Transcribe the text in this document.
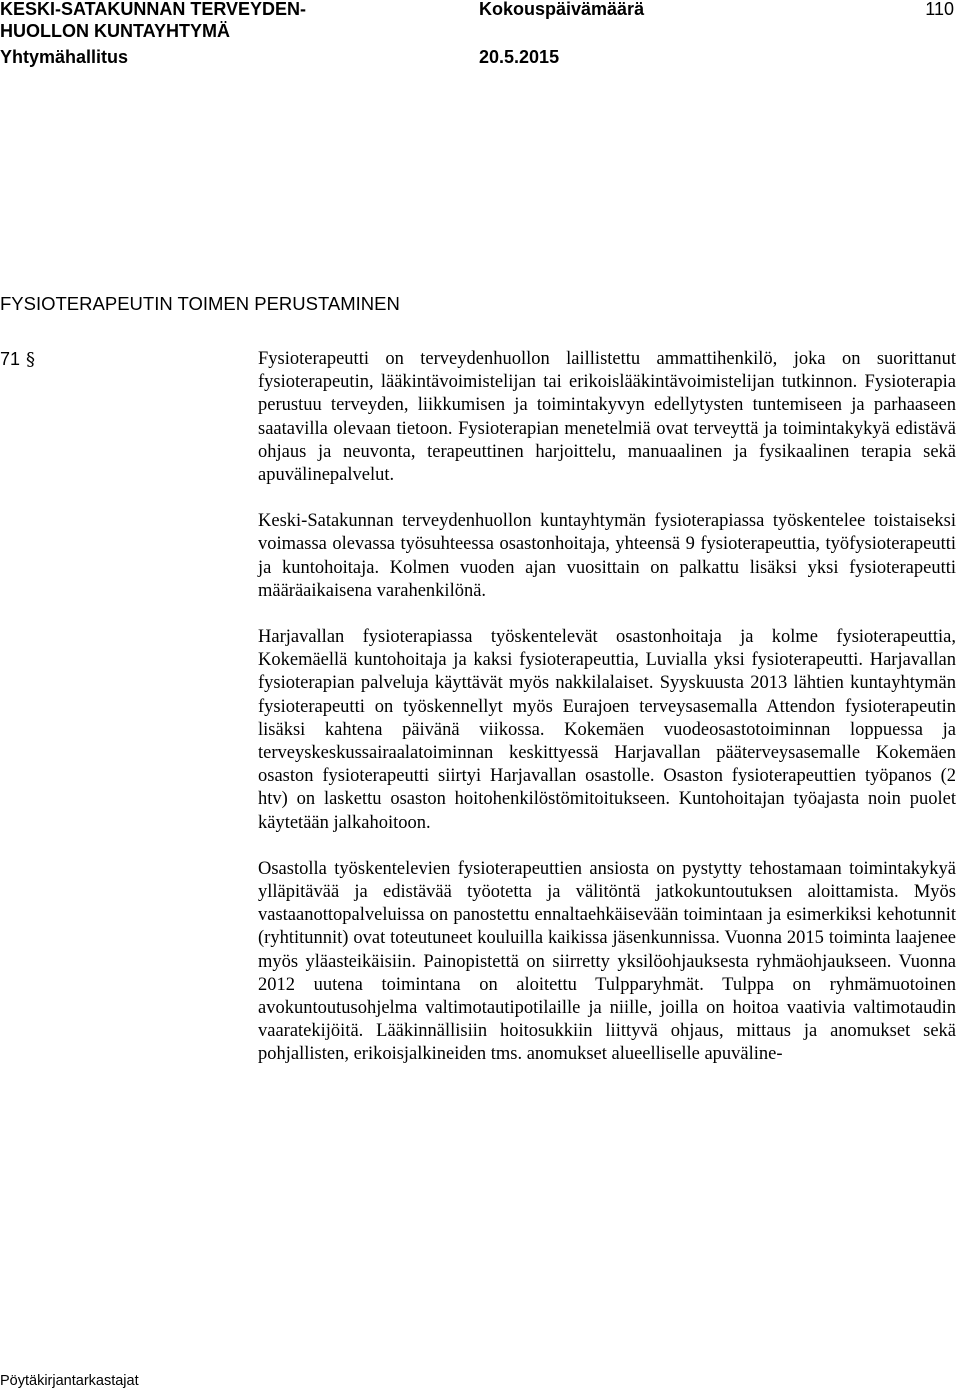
KESKI-SATAKUNNAN TERVEYDEN-
HUOLLON KUNTAYHTYMÄ
Yhtymähallitus
Kokouspäivämäärä
20.5.2015
110
FYSIOTERAPEUTIN TOIMEN PERUSTAMINEN
71 §	Fysioterapeutti on terveydenhuollon laillistettu ammattihenkilö, joka on suorittanut fysioterapeutin, lääkintävoimistelijan tai erikoislääkintävoimistelijan tutkinnon. Fysioterapia perustuu terveyden, liikkumisen ja toimintakyvyn edellytysten tuntemiseen ja parhaaseen saatavilla olevaan tietoon. Fysioterapian menetelmiä ovat terveyttä ja toimintakykyä edistävä ohjaus ja neuvonta, terapeuttinen harjoittelu, manuaalinen ja fysikaalinen terapia sekä apuvälinepalvelut.

Keski-Satakunnan terveydenhuollon kuntayhtymän fysioterapiassa työskentelee toistaiseksi voimassa olevassa työsuhteessa osastonhoitaja, yhteensä 9 fysioterapeuttia, työfysioterapeutti ja kuntohoitaja. Kolmen vuoden ajan vuosittain on palkattu lisäksi yksi fysioterapeutti määräaikaisena varahenkilönä.

Harjavallan fysioterapiassa työskentelevät osastonhoitaja ja kolme fysioterapeuttia, Kokemäellä kuntohoitaja ja kaksi fysioterapeuttia, Luvialla yksi fysioterapeutti. Harjavallan fysioterapian palveluja käyttävät myös nakkilalaiset. Syyskuusta 2013 lähtien kuntayhtymän fysioterapeutti on työskennellyt myös Eurajoen terveysasemalla Attendon fysioterapeutin lisäksi kahtena päivänä viikossa. Kokemäen vuodeosastotoiminnan loppuessa ja terveyskeskussairaalatoiminnan keskittyessä Harjavallan pääterveysasemalle Kokemäen osaston fysioterapeutti siirtyi Harjavallan osastolle. Osaston fysioterapeuttien työpanos (2 htv) on laskettu osaston hoitohenkilöstömitoitukseen. Kuntohoitajan työajasta noin puolet käytetään jalkahoitoon.

Osastolla työskentelevien fysioterapeuttien ansiosta on pystytty tehostamaan toimintakykyä ylläpitävää ja edistävää työotetta ja välitöntä jatkokuntoutuksen aloittamista. Myös vastaanottopalveluissa on panostettu ennaltaehkäisevään toimintaan ja esimerkiksi kehotunnit (ryhtitunnit) ovat toteutuneet kouluilla kaikissa jäsenkunnissa. Vuonna 2015 toiminta laajenee myös yläasteikäisiin. Painopistettä on siirretty yksilöohjauksesta ryhmäohjaukseen. Vuonna 2012 uutena toimintana on aloitettu Tulpparyhmät. Tulppa on ryhmämuotoinen avokuntoutusohjelma valtimotautipotilaille ja niille, joilla on hoitoa vaativia valtimotaudin vaaratekijöitä. Lääkinnällisiin hoitosukkiin liittyvä ohjaus, mittaus ja anomukset sekä pohjallisten, erikoisjalkineiden tms. anomukset alueelliselle apuväline-

Pöytäkirjantarkastajat
